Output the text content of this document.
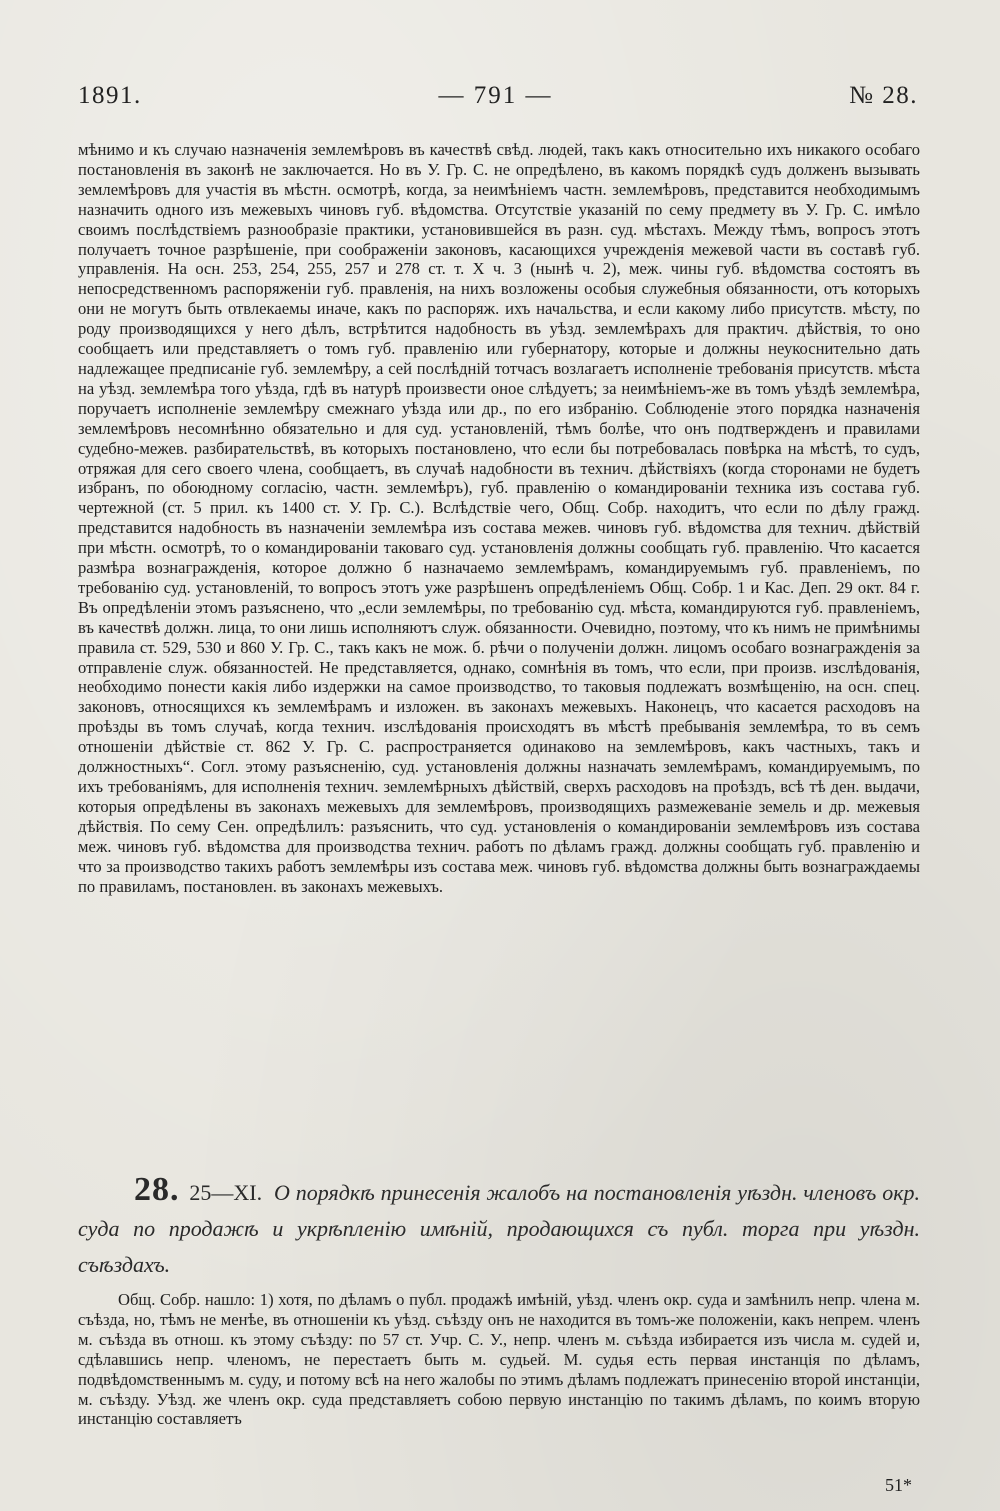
1891.	— 791 —	№ 28.

мѣнимо и къ случаю назначенія землемѣровъ въ качествѣ свѣд. людей, такъ какъ относительно ихъ никакого особаго постановленія въ законѣ не заключается. Но въ У. Гр. С. не опредѣлено, въ какомъ порядкѣ судъ долженъ вызывать землемѣровъ для участія въ мѣстн. осмотрѣ, когда, за неимѣніемъ частн. землемѣровъ, представится необходимымъ назначить одного изъ межевыхъ чиновъ губ. вѣдомства. Отсутствіе указаній по сему предмету въ У. Гр. С. имѣло своимъ послѣдствіемъ разнообразіе практики, установившейся въ разн. суд. мѣстахъ. Между тѣмъ, вопросъ этотъ получаетъ точное разрѣшеніе, при соображеніи законовъ, касающихся учрежденія межевой части въ составѣ губ. управленія. На осн. 253, 254, 255, 257 и 278 ст. т. X ч. 3 (нынѣ ч. 2), меж. чины губ. вѣдомства состоятъ въ непосредственномъ распоряженіи губ. правленія, на нихъ возложены особыя служебныя обязанности, отъ которыхъ они не могутъ быть отвлекаемы иначе, какъ по распоряж. ихъ начальства, и если какому либо присутств. мѣсту, по роду производящихся у него дѣлъ, встрѣтится надобность въ уѣзд. землемѣрахъ для практич. дѣйствія, то оно сообщаетъ или представляетъ о томъ губ. правленію или губернатору, которые и должны неукоснительно дать надлежащее предписаніе губ. землемѣру, а сей послѣдній тотчасъ возлагаетъ исполненіе требованія присутств. мѣста на уѣзд. землемѣра того уѣзда, гдѣ въ натурѣ произвести оное слѣдуетъ; за неимѣніемъ-же въ томъ уѣздѣ землемѣра, поручаетъ исполненіе землемѣру смежнаго уѣзда или др., по его избранію. Соблюденіе этого порядка назначенія землемѣровъ несомнѣнно обязательно и для суд. установленій, тѣмъ болѣе, что онъ подтвержденъ и правилами судебно-межев. разбирательствѣ, въ которыхъ постановлено, что если бы потребовалась повѣрка на мѣстѣ, то судъ, отряжая для сего своего члена, сообщаетъ, въ случаѣ надобности въ технич. дѣйствіяхъ (когда сторонами не будетъ избранъ, по обоюдному согласію, частн. землемѣръ), губ. правленію о командированіи техника изъ состава губ. чертежной (ст. 5 прил. къ 1400 ст. У. Гр. С.). Вслѣдствіе чего, Общ. Собр. находитъ, что если по дѣлу гражд. представится надобность въ назначеніи землемѣра изъ состава межев. чиновъ губ. вѣдомства для технич. дѣйствій при мѣстн. осмотрѣ, то о командированіи таковаго суд. установленія должны сообщать губ. правленію. Что касается размѣра вознагражденія, которое должно б назначаемо землемѣрамъ, командируемымъ губ. правленіемъ, по требованію суд. установленій, то вопросъ этотъ уже разрѣшенъ опредѣленіемъ Общ. Собр. 1 и Кас. Деп. 29 окт. 84 г. Въ опредѣленіи этомъ разъяснено, что „если землемѣры, по требованію суд. мѣста, командируются губ. правленіемъ, въ качествѣ должн. лица, то они лишь исполняютъ служ. обязанности. Очевидно, поэтому, что къ нимъ не примѣнимы правила ст. 529, 530 и 860 У. Гр. С., такъ какъ не мож. б. рѣчи о полученіи должн. лицомъ особаго вознагражденія за отправленіе служ. обязанностей. Не представляется, однако, сомнѣнія въ томъ, что если, при произв. изслѣдованія, необходимо понести какія либо издержки на самое производство, то таковыя подлежатъ возмѣщенію, на осн. спец. законовъ, относящихся къ землемѣрамъ и изложен. въ законахъ межевыхъ. Наконецъ, что касается расходовъ на проѣзды въ томъ случаѣ, когда технич. изслѣдованія происходятъ въ мѣстѣ пребыванія землемѣра, то въ семъ отношеніи дѣйствіе ст. 862 У. Гр. С. распространяется одинаково на землемѣровъ, какъ частныхъ, такъ и должностныхъ“. Согл. этому разъясненію, суд. установленія должны назначать землемѣрамъ, командируемымъ, по ихъ требованіямъ, для исполненія технич. землемѣрныхъ дѣйствій, сверхъ расходовъ на проѣздъ, всѣ тѣ ден. выдачи, которыя опредѣлены въ законахъ межевыхъ для землемѣровъ, производящихъ размежеваніе земель и др. межевыя дѣйствія. По сему Сен. опредѣлилъ: разъяснить, что суд. установленія о командированіи землемѣровъ изъ состава меж. чиновъ губ. вѣдомства для производства технич. работъ по дѣламъ гражд. должны сообщать губ. правленію и что за производство такихъ работъ землемѣры изъ состава меж. чиновъ губ. вѣдомства должны быть вознаграждаемы по правиламъ, постановлен. въ законахъ межевыхъ.

28. 25—XI. О порядкѣ принесенія жалобъ на постановленія уѣздн. членовъ окр. суда по продажѣ и укрѣпленію имѣній, продающихся съ публ. торга при уѣздн. съѣздахъ.

Общ. Собр. нашло: 1) хотя, по дѣламъ о публ. продажѣ имѣній, уѣзд. членъ окр. суда и замѣнилъ непр. члена м. съѣзда, но, тѣмъ не менѣе, въ отношеніи къ уѣзд. съѣзду онъ не находится въ томъ-же положеніи, какъ непрем. членъ м. съѣзда въ отнош. къ этому съѣзду: по 57 ст. Учр. С. У., непр. членъ м. съѣзда избирается изъ числа м. судей и, сдѣлавшись непр. членомъ, не перестаетъ быть м. судьей. М. судья есть первая инстанція по дѣламъ, подвѣдомственнымъ м. суду, и потому всѣ на него жалобы по этимъ дѣламъ подлежатъ принесенію второй инстанціи, м. съѣзду. Уѣзд. же членъ окр. суда представляетъ собою первую инстанцію по такимъ дѣламъ, по коимъ вторую инстанцію составляетъ

51*
